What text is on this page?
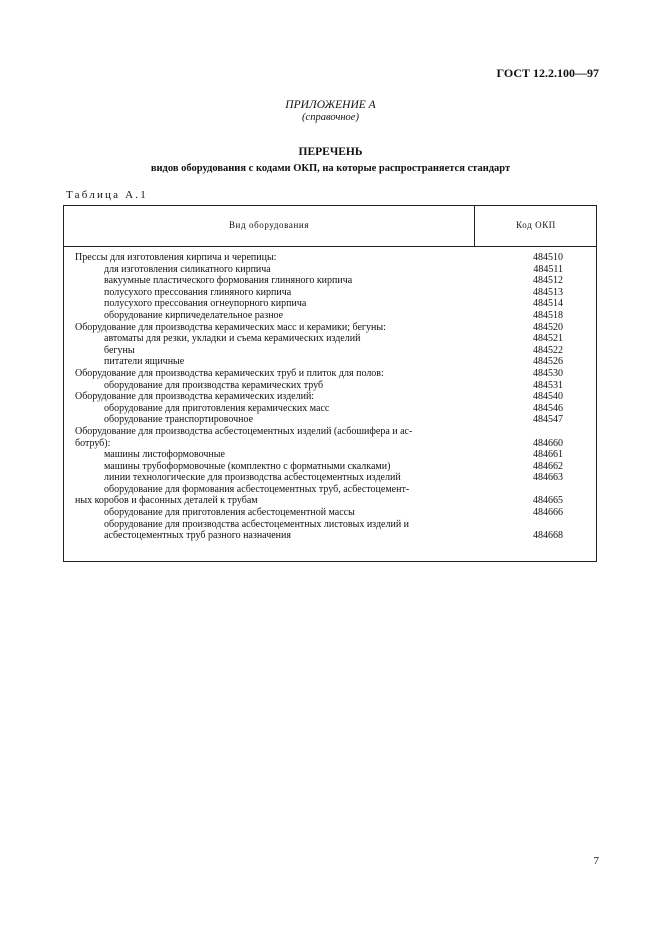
ГОСТ 12.2.100—97
ПРИЛОЖЕНИЕ А
(справочное)
ПЕРЕЧЕНЬ
видов оборудования с кодами ОКП, на которые распространяется стандарт
Таблица А.1
Вид оборудования	Код ОКП
Прессы для изготовления кирпича и черепицы:	484510
для изготовления силикатного кирпича	484511
вакуумные пластического формования глиняного кирпича	484512
полусухого прессования глиняного кирпича	484513
полусухого прессования огнеупорного кирпича	484514
оборудование кирпичеделательное разное	484518
Оборудование для производства керамических масс и керамики; бегуны:	484520
автоматы для резки, укладки и съема керамических изделий	484521
бегуны	484522
питатели ящичные	484526
Оборудование для производства керамических труб и плиток для полов:	484530
оборудование для производства керамических труб	484531
Оборудование для производства керамических изделий:	484540
оборудование для приготовления керамических масс	484546
оборудование транспортировочное	484547
Оборудование для производства асбестоцементных изделий (асбошифера и ас-
ботруб):	484660
машины листоформовочные	484661
машины трубоформовочные (комплектно с форматными скалками)	484662
линии технологические для производства асбестоцементных изделий	484663
оборудование для формования асбестоцементных труб, асбестоцемент-
ных коробов и фасонных деталей к трубам	484665
оборудование для приготовления асбестоцементной массы	484666
оборудование для производства асбестоцементных листовых изделий и
асбестоцементных труб разного назначения	484668
7
